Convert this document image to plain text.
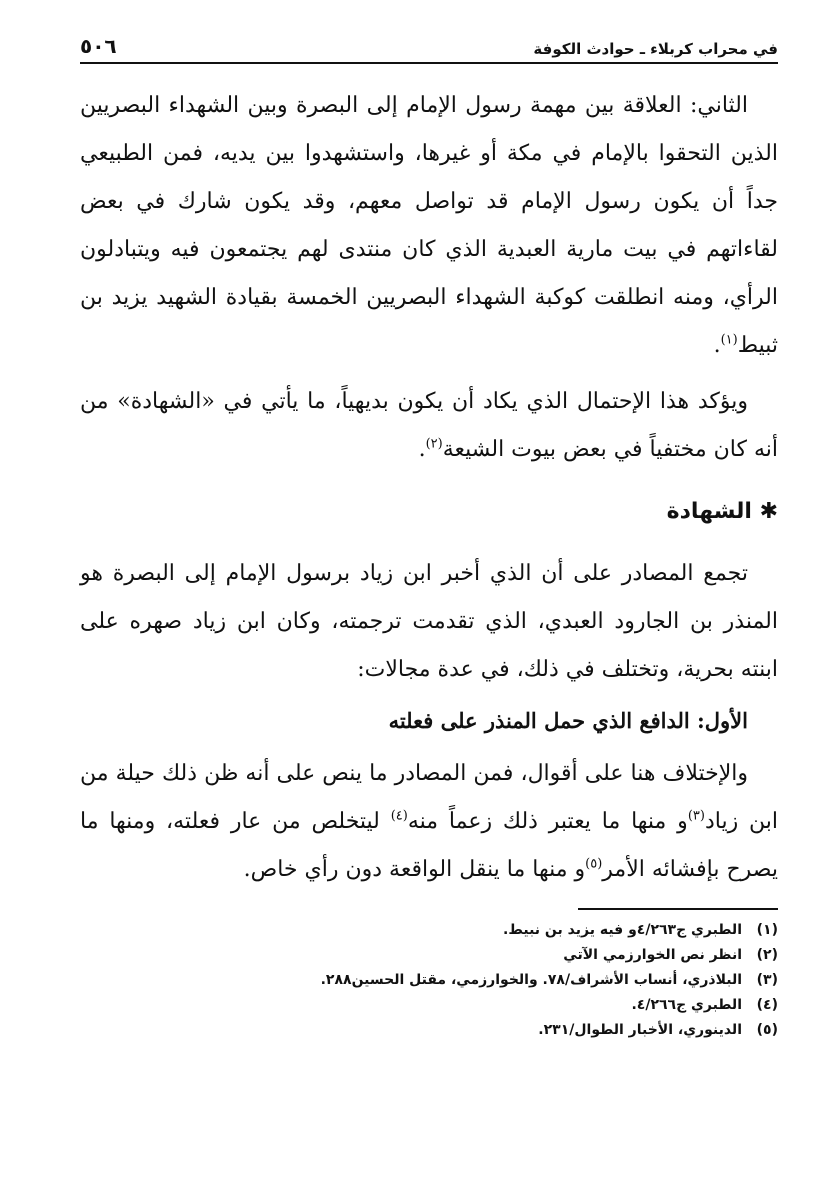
في محراب كربلاء ـ حوادث الكوفة
٥٠٦

الثاني: العلاقة بين مهمة رسول الإمام إلى البصرة وبين الشهداء البصريين الذين التحقوا بالإمام في مكة أو غيرها، واستشهدوا بين يديه، فمن الطبيعي جداً أن يكون رسول الإمام قد تواصل معهم، وقد يكون شارك في بعض لقاءاتهم في بيت مارية العبدية الذي كان منتدى لهم يجتمعون فيه ويتبادلون الرأي، ومنه انطلقت كوكبة الشهداء البصريين الخمسة بقيادة الشهيد يزيد بن ثبيط$^{(١)}$.

ويؤكد هذا الإحتمال الذي يكاد أن يكون بديهياً، ما يأتي في «الشهادة» من أنه كان مختفياً في بعض بيوت الشيعة$^{(٢)}$.

✱ الشهادة

تجمع المصادر على أن الذي أخبر ابن زياد برسول الإمام إلى البصرة هو المنذر بن الجارود العبدي، الذي تقدمت ترجمته، وكان ابن زياد صهره على ابنته بحرية، وتختلف في ذلك، في عدة مجالات:

الأول: الدافع الذي حمل المنذر على فعلته

والإختلاف هنا على أقوال، فمن المصادر ما ينص على أنه ظن ذلك حيلة من ابن زياد$^{(٣)}$و منها ما يعتبر ذلك زعماً منه$^{(٤)}$ ليتخلص من عار فعلته، ومنها ما يصرح بإفشائه الأمر$^{(٥)}$و منها ما ينقل الواقعة دون رأي خاص.

(١)
الطبري ج٤/٢٦٣و فيه يزيد بن نبيط.
(٢)
انظر نص الخوارزمي الآتي
(٣)
البلاذري، أنساب الأشراف/٧٨. والخوارزمي، مقتل الحسين٢٨٨.
(٤)
الطبري ج٤/٢٦٦.
(٥)
الدينوري، الأخبار الطوال/٢٣١.
